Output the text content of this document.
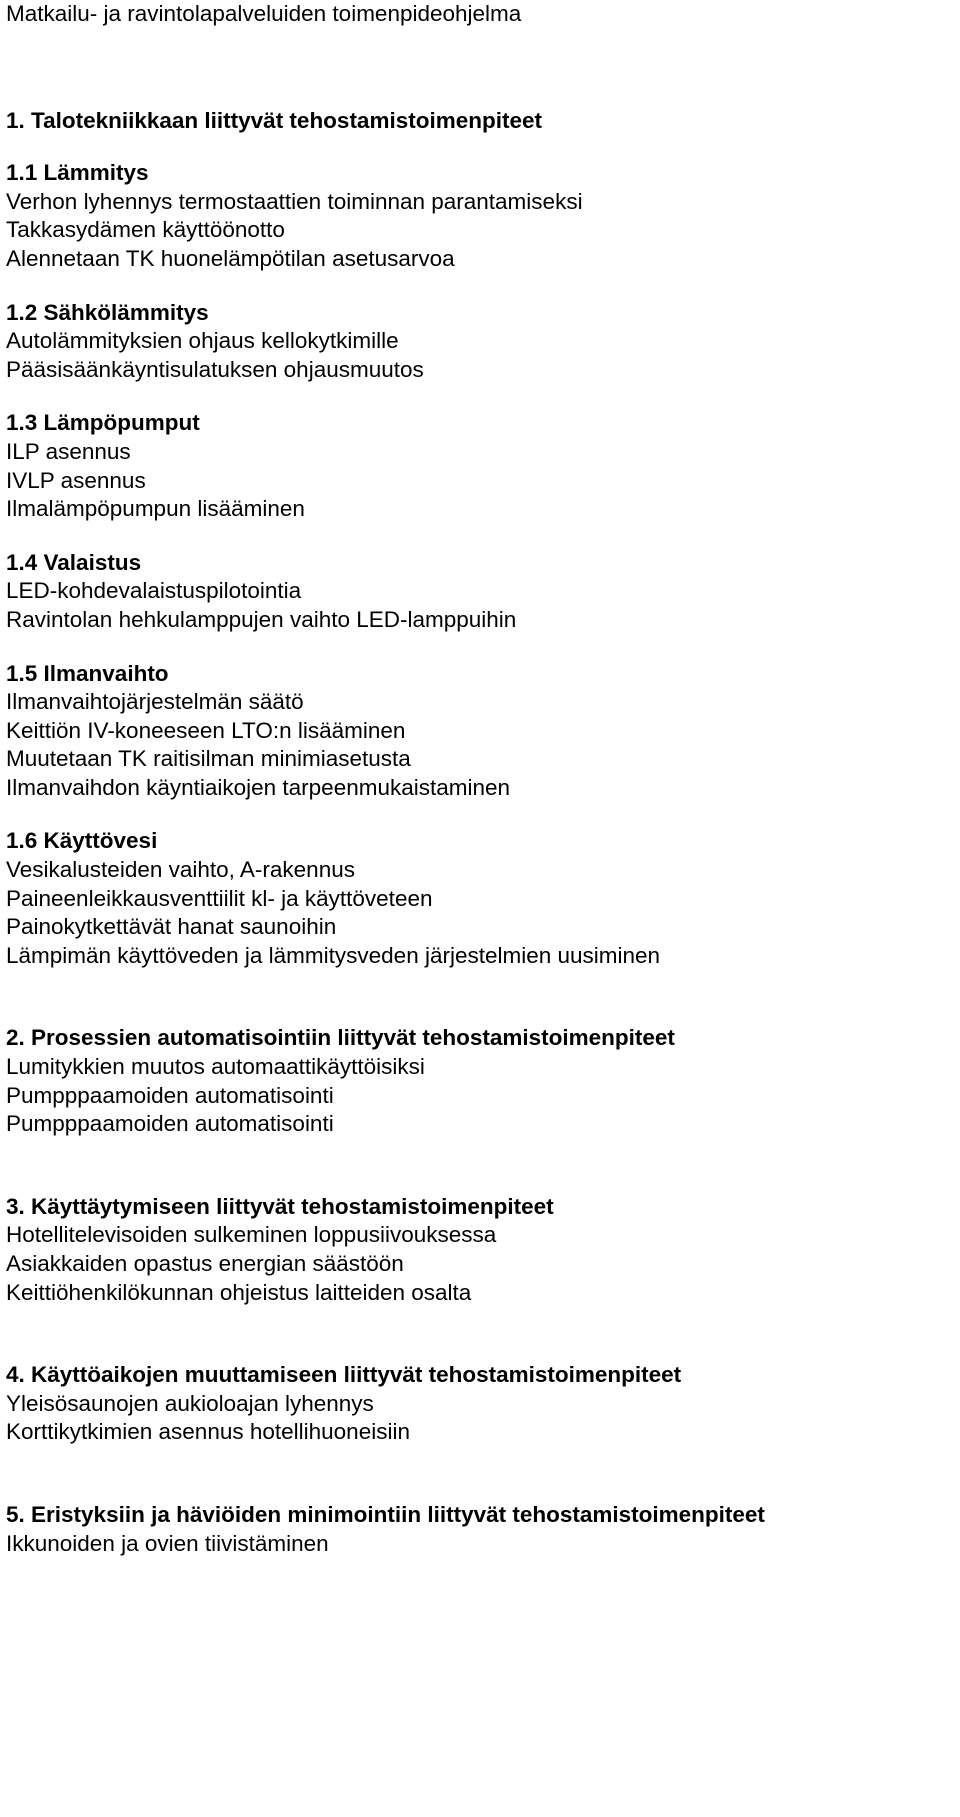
Matkailu- ja ravintolapalveluiden toimenpideohjelma
1. Talotekniikkaan liittyvät tehostamistoimenpiteet
1.1 Lämmitys
Verhon lyhennys termostaattien toiminnan parantamiseksi
Takkasydämen käyttöönotto
Alennetaan TK huonelämpötilan asetusarvoa
1.2 Sähkölämmitys
Autolämmityksien ohjaus kellokytkimille
Pääsisäänkäyntisulatuksen ohjausmuutos
1.3 Lämpöpumput
ILP asennus
IVLP asennus
Ilmalämpöpumpun lisääminen
1.4 Valaistus
LED-kohdevalaistuspilotointia
Ravintolan hehkulamppujen vaihto LED-lamppuihin
1.5 Ilmanvaihto
Ilmanvaihtojärjestelmän säätö
Keittiön IV-koneeseen LTO:n lisääminen
Muutetaan TK raitisilman minimiasetusta
Ilmanvaihdon käyntiaikojen tarpeenmukaistaminen
1.6 Käyttövesi
Vesikalusteiden vaihto, A-rakennus
Paineenleikkausventtiilit kl- ja käyttöveteen
Painokytkettävät hanat saunoihin
Lämpimän käyttöveden ja lämmitysveden järjestelmien uusiminen
2. Prosessien automatisointiin liittyvät tehostamistoimenpiteet
Lumitykkien muutos automaattikäyttöisiksi
Pumpppaamoiden automatisointi
Pumpppaamoiden automatisointi
3. Käyttäytymiseen liittyvät tehostamistoimenpiteet
Hotellitelevisoiden sulkeminen loppusiivouksessa
Asiakkaiden opastus energian säästöön
Keittiöhenkilökunnan ohjeistus laitteiden osalta
4. Käyttöaikojen muuttamiseen liittyvät tehostamistoimenpiteet
Yleisösaunojen aukioloajan lyhennys
Korttikytkimien asennus hotellihuoneisiin
5. Eristyksiin ja häviöiden minimointiin liittyvät tehostamistoimenpiteet
Ikkunoiden ja ovien tiivistäminen
